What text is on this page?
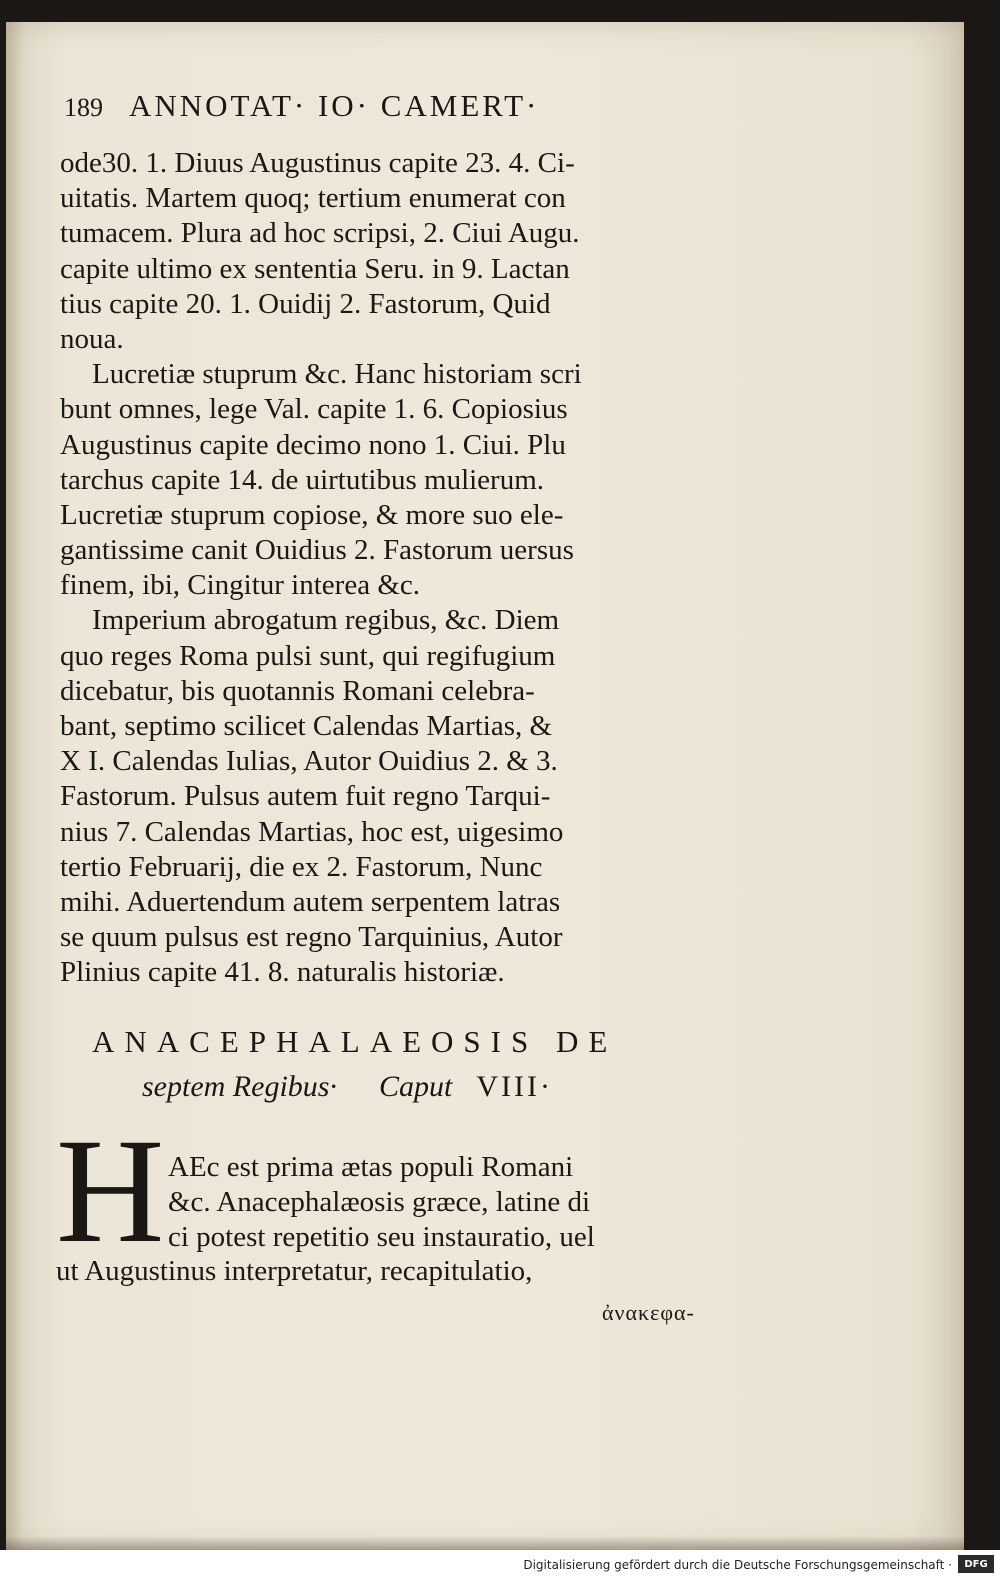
189 ANNOTAT· IO· CAMERT·
ode30. 1. Diuus Augustinus capite 23. 4. Ci-
uitatis. Martem quoq; tertium enumerat con
tumacem. Plura ad hoc scripsi, 2. Ciui Augu.
capite ultimo ex sententia Seru. in 9. Lactan
tius capite 20. 1. Ouidij 2. Fastorum, Quid
noua.
Lucretiæ stuprum &c. Hanc historiam scri
bunt omnes, lege Val. capite 1. 6. Copiosius
Augustinus capite decimo nono 1. Ciui. Plu
tarchus capite 14. de uirtutibus mulierum.
Lucretiæ stuprum copiose, & more suo ele-
gantissime canit Ouidius 2. Fastorum uersus
finem, ibi, Cingitur interea &c.
Imperium abrogatum regibus, &c. Diem
quo reges Roma pulsi sunt, qui regifugium
dicebatur, bis quotannis Romani celebra-
bant, septimo scilicet Calendas Martias, &
X I. Calendas Iulias, Autor Ouidius 2. & 3.
Fastorum. Pulsus autem fuit regno Tarqui-
nius 7. Calendas Martias, hoc est, uigesimo
tertio Februarij, die ex 2. Fastorum, Nunc
mihi. Aduertendum autem serpentem latras
se quum pulsus est regno Tarquinius, Autor
Plinius capite 41. 8. naturalis historiæ.
ANACEPHALAEOSIS DE
septem Regibus· Caput VIII·
H AEc est prima ætas populi Romani
&c. Anacephalæosis græce, latine di
ci potest repetitio seu instauratio, uel
ut Augustinus interpretatur, recapitulatio,
ἀνακεφα-
Digitalisierung gefördert durch die Deutsche Forschungsgemeinschaft ·	DFG
